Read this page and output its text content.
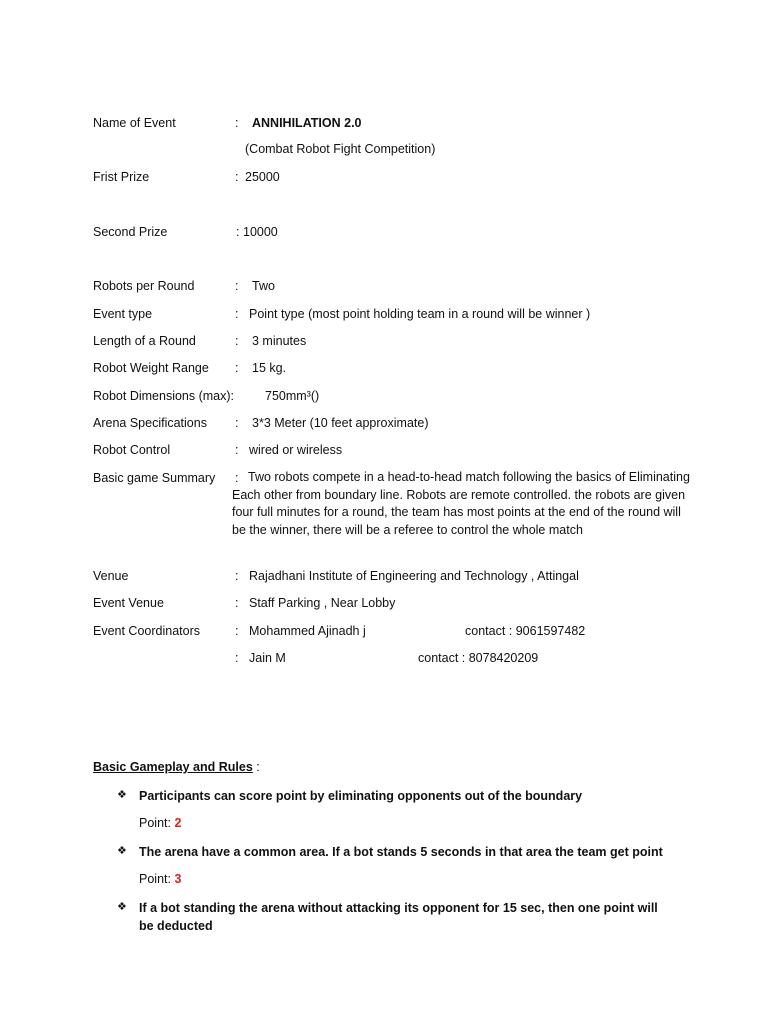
Name of Event	: ANNIHILATION 2.0
(Combat Robot Fight Competition)
Frist Prize	: 25000
Second Prize	: 10000
Robots per Round	: Two
Event type	: Point type (most point holding team in a round will be winner )
Length of a Round	: 3 minutes
Robot Weight Range : 15 kg.
Robot Dimensions (max): 750mm³()
Arena Specifications : 3*3 Meter (10 feet approximate)
Robot Control	: wired or wireless
Basic game Summary : Two robots compete in a head-to-head match following the basics of Eliminating Each other from boundary line. Robots are remote controlled. the robots are given four full minutes for a round, the team has most points at the end of the round will be the winner, there will be a referee to control the whole match
Venue	: Rajadhani Institute of Engineering and Technology , Attingal
Event Venue	: Staff Parking , Near Lobby
Event Coordinators	: Mohammed Ajinadh j	contact : 9061597482
: Jain M	contact : 8078420209
Basic Gameplay and Rules :
❖ Participants can score point by eliminating opponents out of the boundary
Point: 2
❖ The arena have a common area. If a bot stands 5 seconds in that area the team get point
Point: 3
❖ If a bot standing the arena without attacking its opponent for 15 sec, then one point will be deducted
